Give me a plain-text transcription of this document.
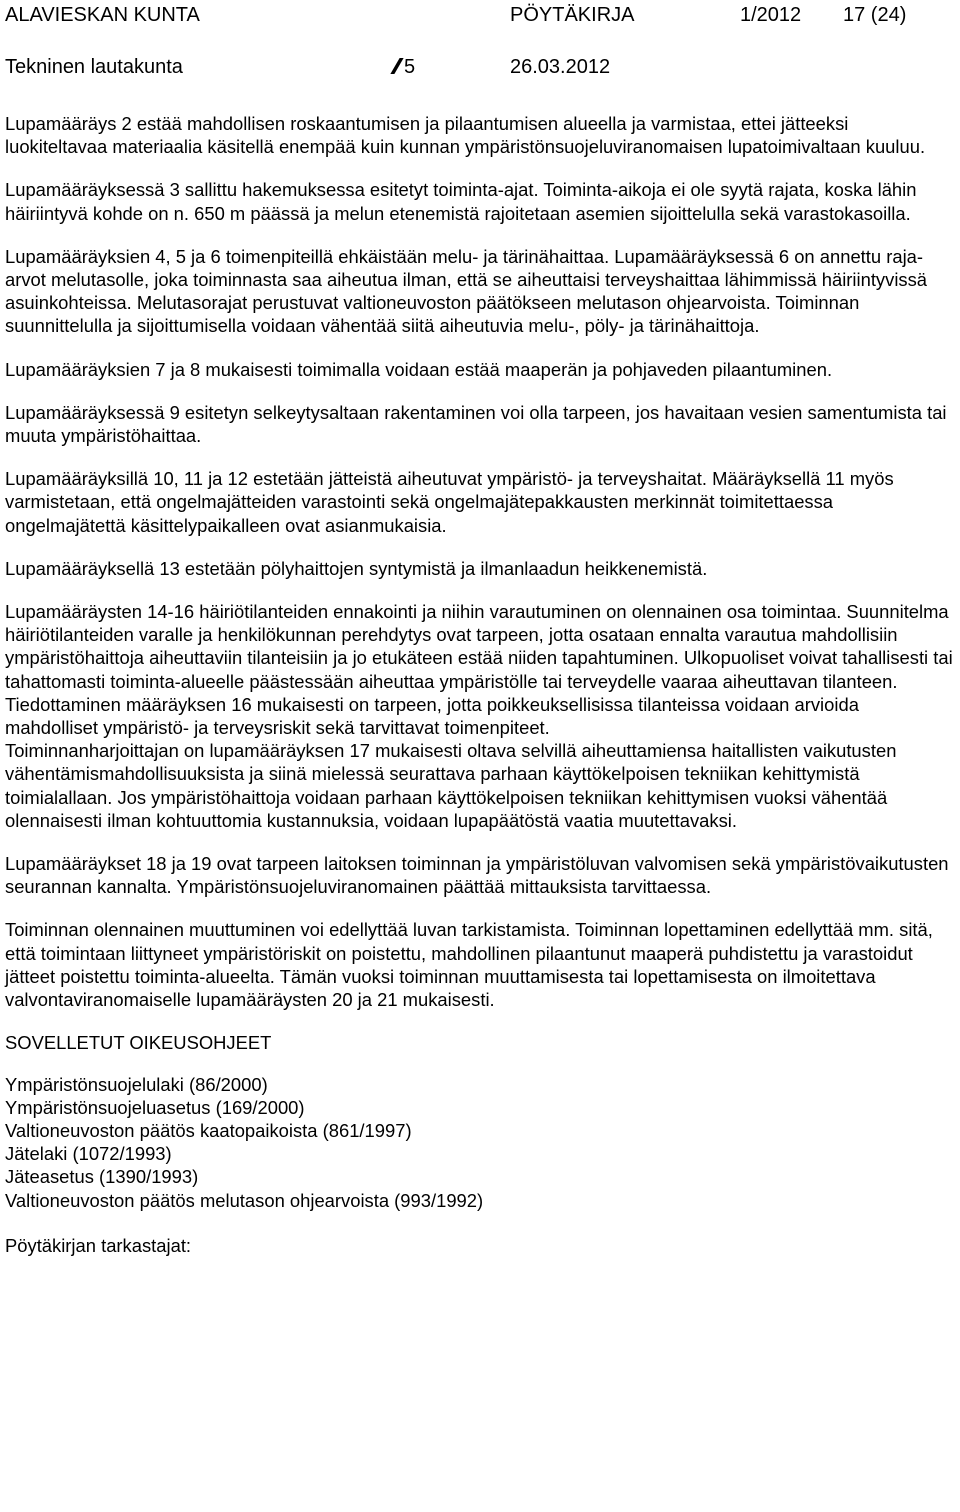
ALAVIESKAN KUNTA	PÖYTÄKIRJA	1/2012 17 (24)
Tekninen lautakunta	5	26.03.2012

Lupamääräys 2 estää mahdollisen roskaantumisen ja pilaantumisen alueella ja varmistaa, ettei jätteeksi luokiteltavaa materiaalia käsitellä enempää kuin kunnan ympäristönsuojeluviranomaisen lupatoimivaltaan kuuluu.

Lupamääräyksessä 3 sallittu hakemuksessa esitetyt toiminta-ajat. Toiminta-aikoja ei ole syytä rajata, koska lähin häiriintyvä kohde on n. 650 m päässä ja melun etenemistä rajoitetaan asemien sijoittelulla sekä varastokasoilla.

Lupamääräyksien 4, 5 ja 6 toimenpiteillä ehkäistään melu- ja tärinähaittaa. Lupamääräyksessä 6 on annettu raja-arvot melutasolle, joka toiminnasta saa aiheutua ilman, että se aiheuttaisi terveyshaittaa lähimmissä häiriintyvissä asuinkohteissa. Melutasorajat perustuvat valtioneuvoston päätökseen melutason ohjearvoista. Toiminnan suunnittelulla ja sijoittumisella voidaan vähentää siitä aiheutuvia melu-, pöly- ja tärinähaittoja.

Lupamääräyksien 7 ja 8 mukaisesti toimimalla voidaan estää maaperän ja pohjaveden pilaantuminen.

Lupamääräyksessä 9 esitetyn selkeytysaltaan rakentaminen voi olla tarpeen, jos havaitaan vesien samentumista tai muuta ympäristöhaittaa.

Lupamääräyksillä 10, 11 ja 12 estetään jätteistä aiheutuvat ympäristö- ja terveyshaitat. Määräyksellä 11 myös varmistetaan, että ongelmajätteiden varastointi sekä ongelmajätepakkausten merkinnät toimitettaessa ongelmajätettä käsittelypaikalleen ovat asianmukaisia.

Lupamääräyksellä 13 estetään pölyhaittojen syntymistä ja ilmanlaadun heikkenemistä.

Lupamääräysten 14-16 häiriötilanteiden ennakointi ja niihin varautuminen on olennainen osa toimintaa. Suunnitelma häiriötilanteiden varalle ja henkilökunnan perehdytys ovat tarpeen, jotta osataan ennalta varautua mahdollisiin ympäristöhaittoja aiheuttaviin tilanteisiin ja jo etukäteen estää niiden tapahtuminen. Ulkopuoliset voivat tahallisesti tai tahattomasti toiminta-alueelle päästessään aiheuttaa ympäristölle tai terveydelle vaaraa aiheuttavan tilanteen. Tiedottaminen määräyksen 16 mukaisesti on tarpeen, jotta poikkeuksellisissa tilanteissa voidaan arvioida mahdolliset ympäristö- ja terveysriskit sekä tarvittavat toimenpiteet.

Toiminnanharjoittajan on lupamääräyksen 17 mukaisesti oltava selvillä aiheuttamiensa haitallisten vaikutusten vähentämismahdollisuuksista ja siinä mielessä seurattava parhaan käyttökelpoisen tekniikan kehittymistä toimialallaan. Jos ympäristöhaittoja voidaan parhaan käyttökelpoisen tekniikan kehittymisen vuoksi vähentää olennaisesti ilman kohtuuttomia kustannuksia, voidaan lupapäätöstä vaatia muutettavaksi.

Lupamääräykset 18 ja 19 ovat tarpeen laitoksen toiminnan ja ympäristöluvan valvomisen sekä ympäristövaikutusten seurannan kannalta. Ympäristönsuojeluviranomainen päättää mittauksista tarvittaessa.

Toiminnan olennainen muuttuminen voi edellyttää luvan tarkistamista. Toiminnan lopettaminen edellyttää mm. sitä, että toimintaan liittyneet ympäristöriskit on poistettu, mahdollinen pilaantunut maaperä puhdistettu ja varastoidut jätteet poistettu toiminta-alueelta. Tämän vuoksi toiminnan muuttamisesta tai lopettamisesta on ilmoitettava valvontaviranomaiselle lupamääräysten 20 ja 21 mukaisesti.

SOVELLETUT OIKEUSOHJEET
Ympäristönsuojelulaki (86/2000)
Ympäristönsuojeluasetus (169/2000)
Valtioneuvoston päätös kaatopaikoista (861/1997)
Jätelaki (1072/1993)
Jäteasetus (1390/1993)
Valtioneuvoston päätös melutason ohjearvoista (993/1992)
Pöytäkirjan tarkastajat:
